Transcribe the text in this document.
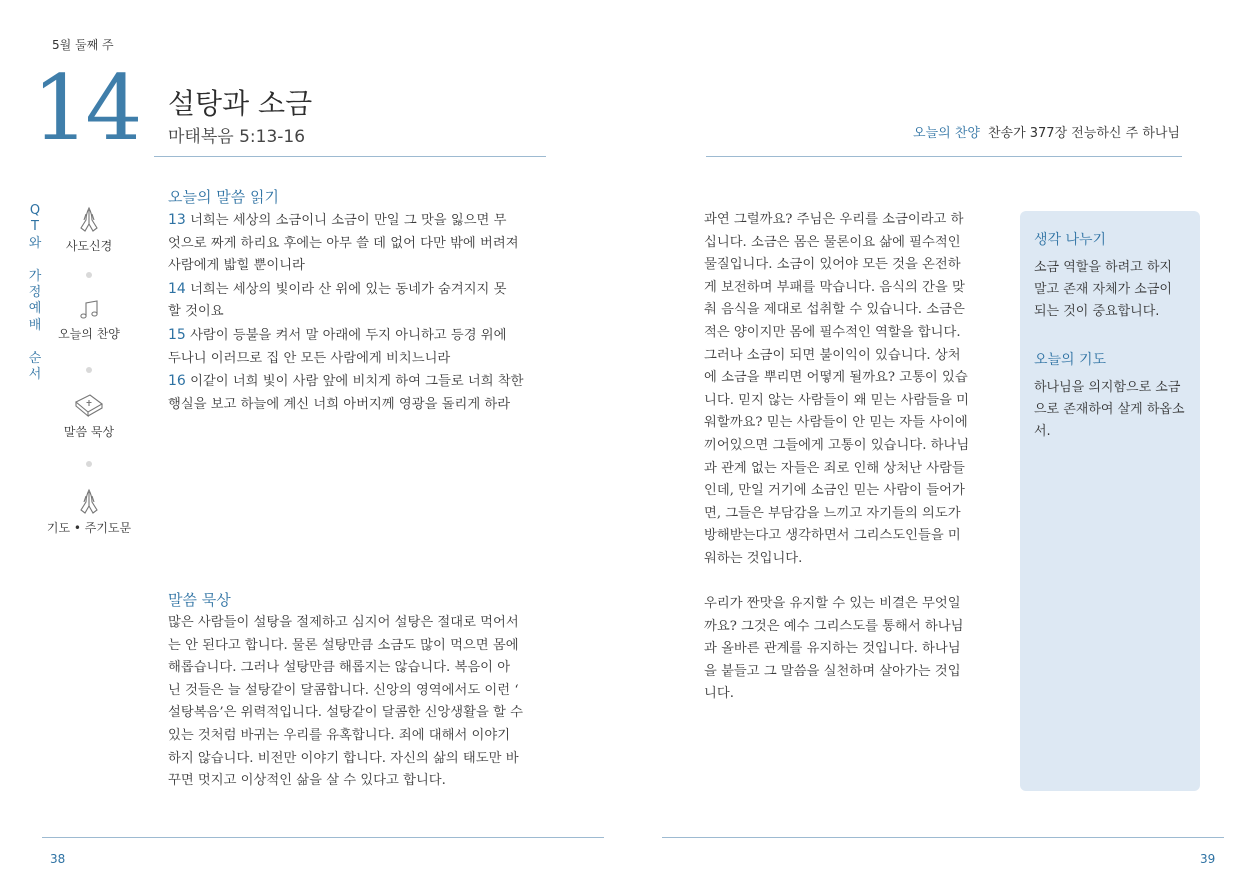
5월 둘째 주
14 설탕과 소금
마태복음 5:13-16	오늘의 찬양 찬송가 377장 전능하신 주 하나님
Q
T
와
가
정
예
배
순
서
사도신경
오늘의 찬양
말씀 묵상
기도 • 주기도문
오늘의 말씀 읽기
13 너희는 세상의 소금이니 소금이 만일 그 맛을 잃으면 무
엇으로 짜게 하리요 후에는 아무 쓸 데 없어 다만 밖에 버려져
사람에게 밟힐 뿐이니라
14 너희는 세상의 빛이라 산 위에 있는 동네가 숨겨지지 못
할 것이요
15 사람이 등불을 켜서 말 아래에 두지 아니하고 등경 위에
두나니 이러므로 집 안 모든 사람에게 비치느니라
16 이같이 너희 빛이 사람 앞에 비치게 하여 그들로 너희 착한
행실을 보고 하늘에 계신 너희 아버지께 영광을 돌리게 하라
말씀 묵상
많은 사람들이 설탕을 절제하고 심지어 설탕은 절대로 먹어서
는 안 된다고 합니다. 물론 설탕만큼 소금도 많이 먹으면 몸에
해롭습니다. 그러나 설탕만큼 해롭지는 않습니다. 복음이 아
닌 것들은 늘 설탕같이 달콤합니다. 신앙의 영역에서도 이런 ‘
설탕복음’은 위력적입니다. 설탕같이 달콤한 신앙생활을 할 수
있는 것처럼 바귀는 우리를 유혹합니다. 죄에 대해서 이야기
하지 않습니다. 비전만 이야기 합니다. 자신의 삶의 태도만 바
꾸면 멋지고 이상적인 삶을 살 수 있다고 합니다.
과연 그럴까요? 주님은 우리를 소금이라고 하
십니다. 소금은 몸은 물론이요 삶에 필수적인
물질입니다. 소금이 있어야 모든 것을 온전하
게 보전하며 부패를 막습니다. 음식의 간을 맞
춰 음식을 제대로 섭취할 수 있습니다. 소금은
적은 양이지만 몸에 필수적인 역할을 합니다.
그러나 소금이 되면 불이익이 있습니다. 상처
에 소금을 뿌리면 어떻게 될까요? 고통이 있습
니다. 믿지 않는 사람들이 왜 믿는 사람들을 미
워할까요? 믿는 사람들이 안 믿는 자들 사이에
끼어있으면 그들에게 고통이 있습니다. 하나님
과 관계 없는 자들은 죄로 인해 상처난 사람들
인데, 만일 거기에 소금인 믿는 사람이 들어가
면, 그들은 부담감을 느끼고 자기들의 의도가
방해받는다고 생각하면서 그리스도인들을 미
워하는 것입니다.
우리가 짠맛을 유지할 수 있는 비결은 무엇일
까요? 그것은 예수 그리스도를 통해서 하나님
과 올바른 관계를 유지하는 것입니다. 하나님
을 붙들고 그 말씀을 실천하며 살아가는 것입
니다.
생각 나누기

소금 역할을 하려고 하지 말고 존재 자체가 소금이 되는 것이 중요합니다.

오늘의 기도

하나님을 의지함으로 소금으로 존재하여 살게 하옵소서.

38	39
